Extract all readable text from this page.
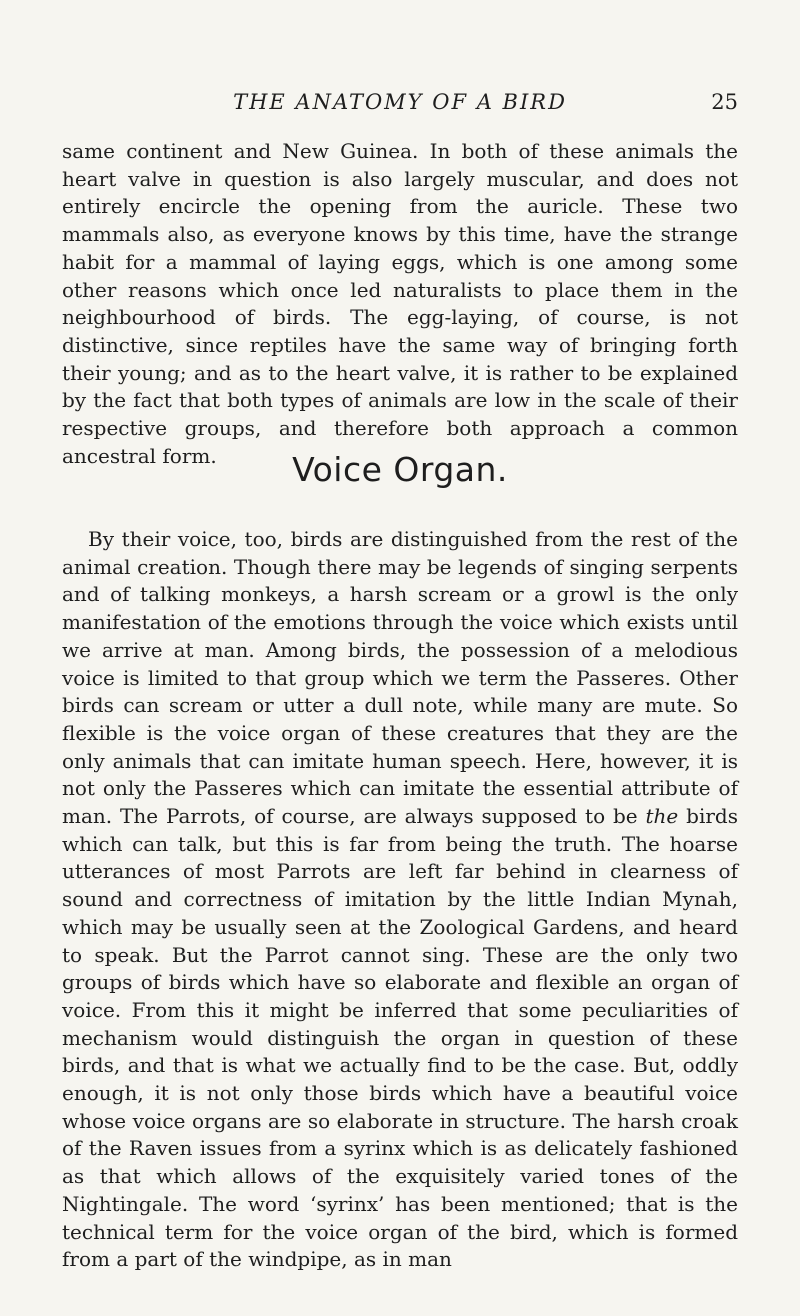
THE ANATOMY OF A BIRD	25

same continent and New Guinea. In both of these animals the heart valve in question is also largely muscular, and does not entirely encircle the opening from the auricle. These two mammals also, as everyone knows by this time, have the strange habit for a mammal of laying eggs, which is one among some other reasons which once led naturalists to place them in the neighbourhood of birds. The egg-laying, of course, is not distinctive, since reptiles have the same way of bringing forth their young; and as to the heart valve, it is rather to be explained by the fact that both types of animals are low in the scale of their respective groups, and therefore both approach a common ancestral form.	Voice Organ.

By their voice, too, birds are distinguished from the rest of the animal creation. Though there may be legends of singing serpents and of talking monkeys, a harsh scream or a growl is the only manifestation of the emotions through the voice which exists until we arrive at man. Among birds, the possession of a melodious voice is limited to that group which we term the Passeres. Other birds can scream or utter a dull note, while many are mute. So flexible is the voice organ of these creatures that they are the only animals that can imitate human speech. Here, however, it is not only the Passeres which can imitate the essential attribute of man. The Parrots, of course, are always supposed to be the birds which can talk, but this is far from being the truth. The hoarse utterances of most Parrots are left far behind in clearness of sound and correctness of imitation by the little Indian Mynah, which may be usually seen at the Zoological Gardens, and heard to speak. But the Parrot cannot sing. These are the only two groups of birds which have so elaborate and flexible an organ of voice. From this it might be inferred that some peculiarities of mechanism would distinguish the organ in question of these birds, and that is what we actually find to be the case. But, oddly enough, it is not only those birds which have a beautiful voice whose voice organs are so elaborate in structure. The harsh croak of the Raven issues from a syrinx which is as delicately fashioned as that which allows of the exquisitely varied tones of the Nightingale. The word ‘syrinx’ has been mentioned; that is the technical term for the voice organ of the bird, which is formed from a part of the windpipe, as in man
